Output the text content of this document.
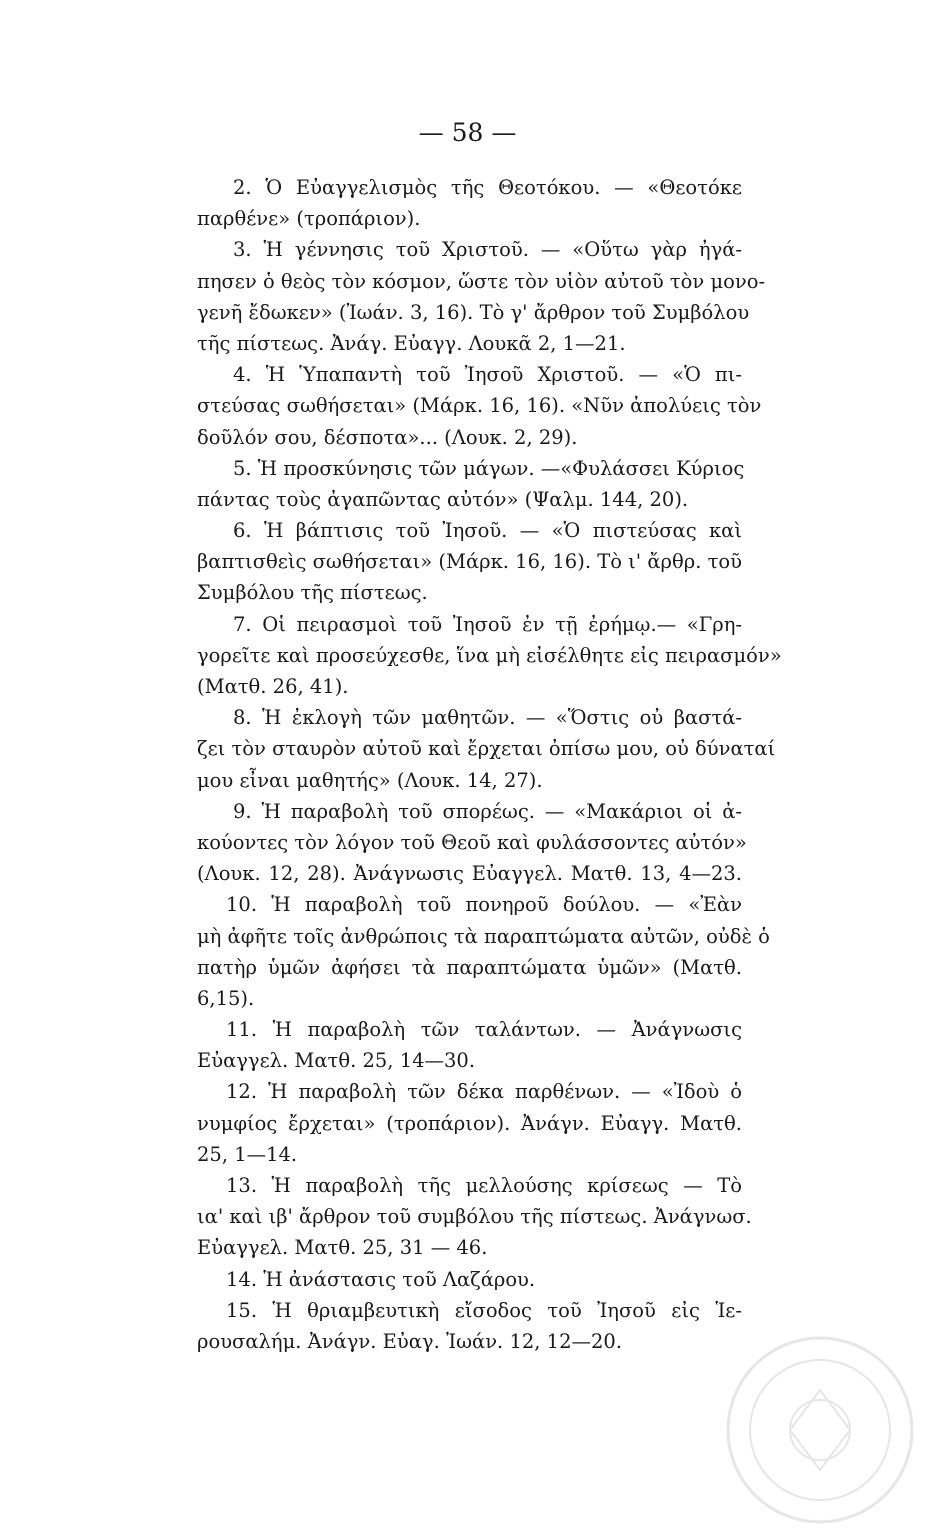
— 58 —
2. Ὁ Εὐαγγελισμὸς τῆς Θεοτόκου. — «Θεοτόκε
παρθένε» (τροπάριον).
3. Ἡ γέννησις τοῦ Χριστοῦ. — «Οὕτω γὰρ ἠγά-
πησεν ὁ θεὸς τὸν κόσμον, ὥστε τὸν υἱὸν αὐτοῦ τὸν μονο-
γενῆ ἔδωκεν» (Ἰωάν. 3, 16). Τὸ γ' ἄρθρον τοῦ Συμβόλου
τῆς πίστεως. Ἀνάγ. Εὐαγγ. Λουκᾶ 2, 1—21.
4. Ἡ Ὑπαπαντὴ τοῦ Ἰησοῦ Χριστοῦ. — «Ὁ πι-
στεύσας σωθήσεται» (Μάρκ. 16, 16). «Νῦν ἀπολύεις τὸν
δοῦλόν σου, δέσποτα»... (Λουκ. 2, 29).
5. Ἡ προσκύνησις τῶν μάγων. —«Φυλάσσει Κύριος
πάντας τοὺς ἀγαπῶντας αὐτόν» (Ψαλμ. 144, 20).
6. Ἡ βάπτισις τοῦ Ἰησοῦ. — «Ὁ πιστεύσας καὶ
βαπτισθεὶς σωθήσεται» (Μάρκ. 16, 16). Τὸ ι' ἄρθρ. τοῦ
Συμβόλου τῆς πίστεως.
7. Οἱ πειρασμοὶ τοῦ Ἰησοῦ ἐν τῇ ἐρήμῳ.— «Γρη-
γορεῖτε καὶ προσεύχεσθε, ἵνα μὴ εἰσέλθητε εἰς πειρασμόν»
(Ματθ. 26, 41).
8. Ἡ ἐκλογὴ τῶν μαθητῶν. — «Ὅστις οὐ βαστά-
ζει τὸν σταυρὸν αὐτοῦ καὶ ἔρχεται ὀπίσω μου, οὐ δύναταί
μου εἶναι μαθητής» (Λουκ. 14, 27).
9. Ἡ παραβολὴ τοῦ σπορέως. — «Μακάριοι οἱ ἀ-
κούοντες τὸν λόγον τοῦ Θεοῦ καὶ φυλάσσοντες αὐτόν»
(Λουκ. 12, 28). Ἀνάγνωσις Εὐαγγελ. Ματθ. 13, 4—23.
10. Ἡ παραβολὴ τοῦ πονηροῦ δούλου. — «Ἐὰν
μὴ ἀφῆτε τοῖς ἀνθρώποις τὰ παραπτώματα αὐτῶν, οὐδὲ ὁ
πατὴρ ὑμῶν ἀφήσει τὰ παραπτώματα ὑμῶν» (Ματθ.
6,15).
11. Ἡ παραβολὴ τῶν ταλάντων. — Ἀνάγνωσις
Εὐαγγελ. Ματθ. 25, 14—30.
12. Ἡ παραβολὴ τῶν δέκα παρθένων. — «Ἰδοὺ ὁ
νυμφίος ἔρχεται» (τροπάριον). Ἀνάγν. Εὐαγγ. Ματθ.
25, 1—14.
13. Ἡ παραβολὴ τῆς μελλούσης κρίσεως — Τὸ
ια' καὶ ιβ' ἄρθρον τοῦ συμβόλου τῆς πίστεως. Ἀνάγνωσ.
Εὐαγγελ. Ματθ. 25, 31 — 46.
14. Ἡ ἀνάστασις τοῦ Λαζάρου.
15. Ἡ θριαμβευτικὴ εἴσοδος τοῦ Ἰησοῦ εἰς Ἱε-
ρουσαλήμ. Ἀνάγν. Εὐαγ. Ἰωάν. 12, 12—20.
